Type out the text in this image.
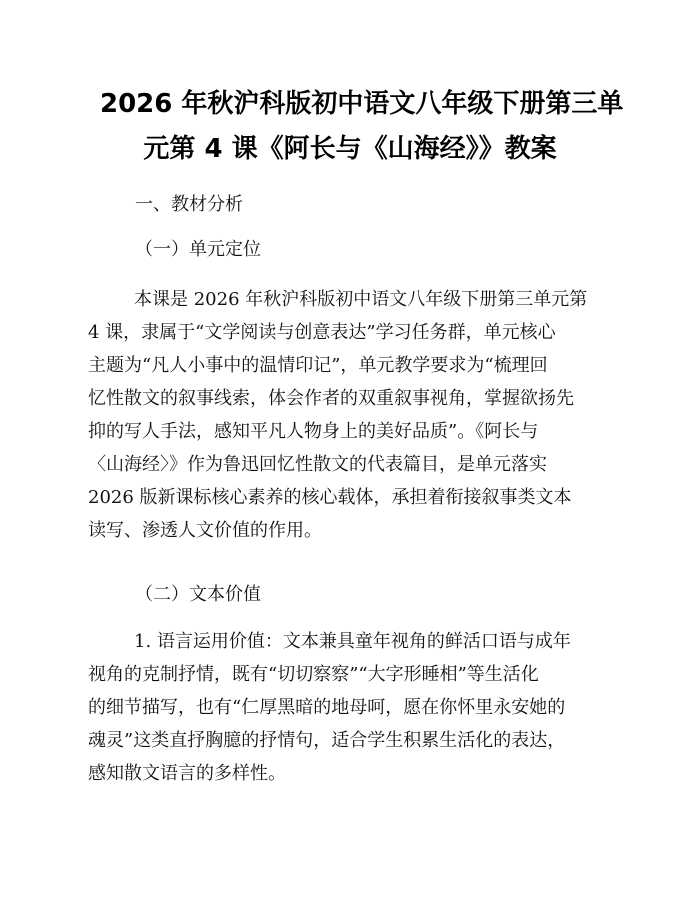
2026 年秋沪科版初中语文八年级下册第三单
元第 4 课《阿长与《山海经》》教案
一、教材分析
（一）单元定位
本课是 2026 年秋沪科版初中语文八年级下册第三单元第
4 课，隶属于“文学阅读与创意表达”学习任务群，单元核心
主题为“凡人小事中的温情印记”，单元教学要求为“梳理回
忆性散文的叙事线索，体会作者的双重叙事视角，掌握欲扬先
抑的写人手法，感知平凡人物身上的美好品质”。《阿长与
〈山海经〉》作为鲁迅回忆性散文的代表篇目，是单元落实
2026 版新课标核心素养的核心载体，承担着衔接叙事类文本
读写、渗透人文价值的作用。
（二）文本价值
1. 语言运用价值：文本兼具童年视角的鲜活口语与成年
视角的克制抒情，既有“切切察察”“大字形睡相”等生活化
的细节描写，也有“仁厚黑暗的地母呵，愿在你怀里永安她的
魂灵”这类直抒胸臆的抒情句，适合学生积累生活化的表达，
感知散文语言的多样性。
